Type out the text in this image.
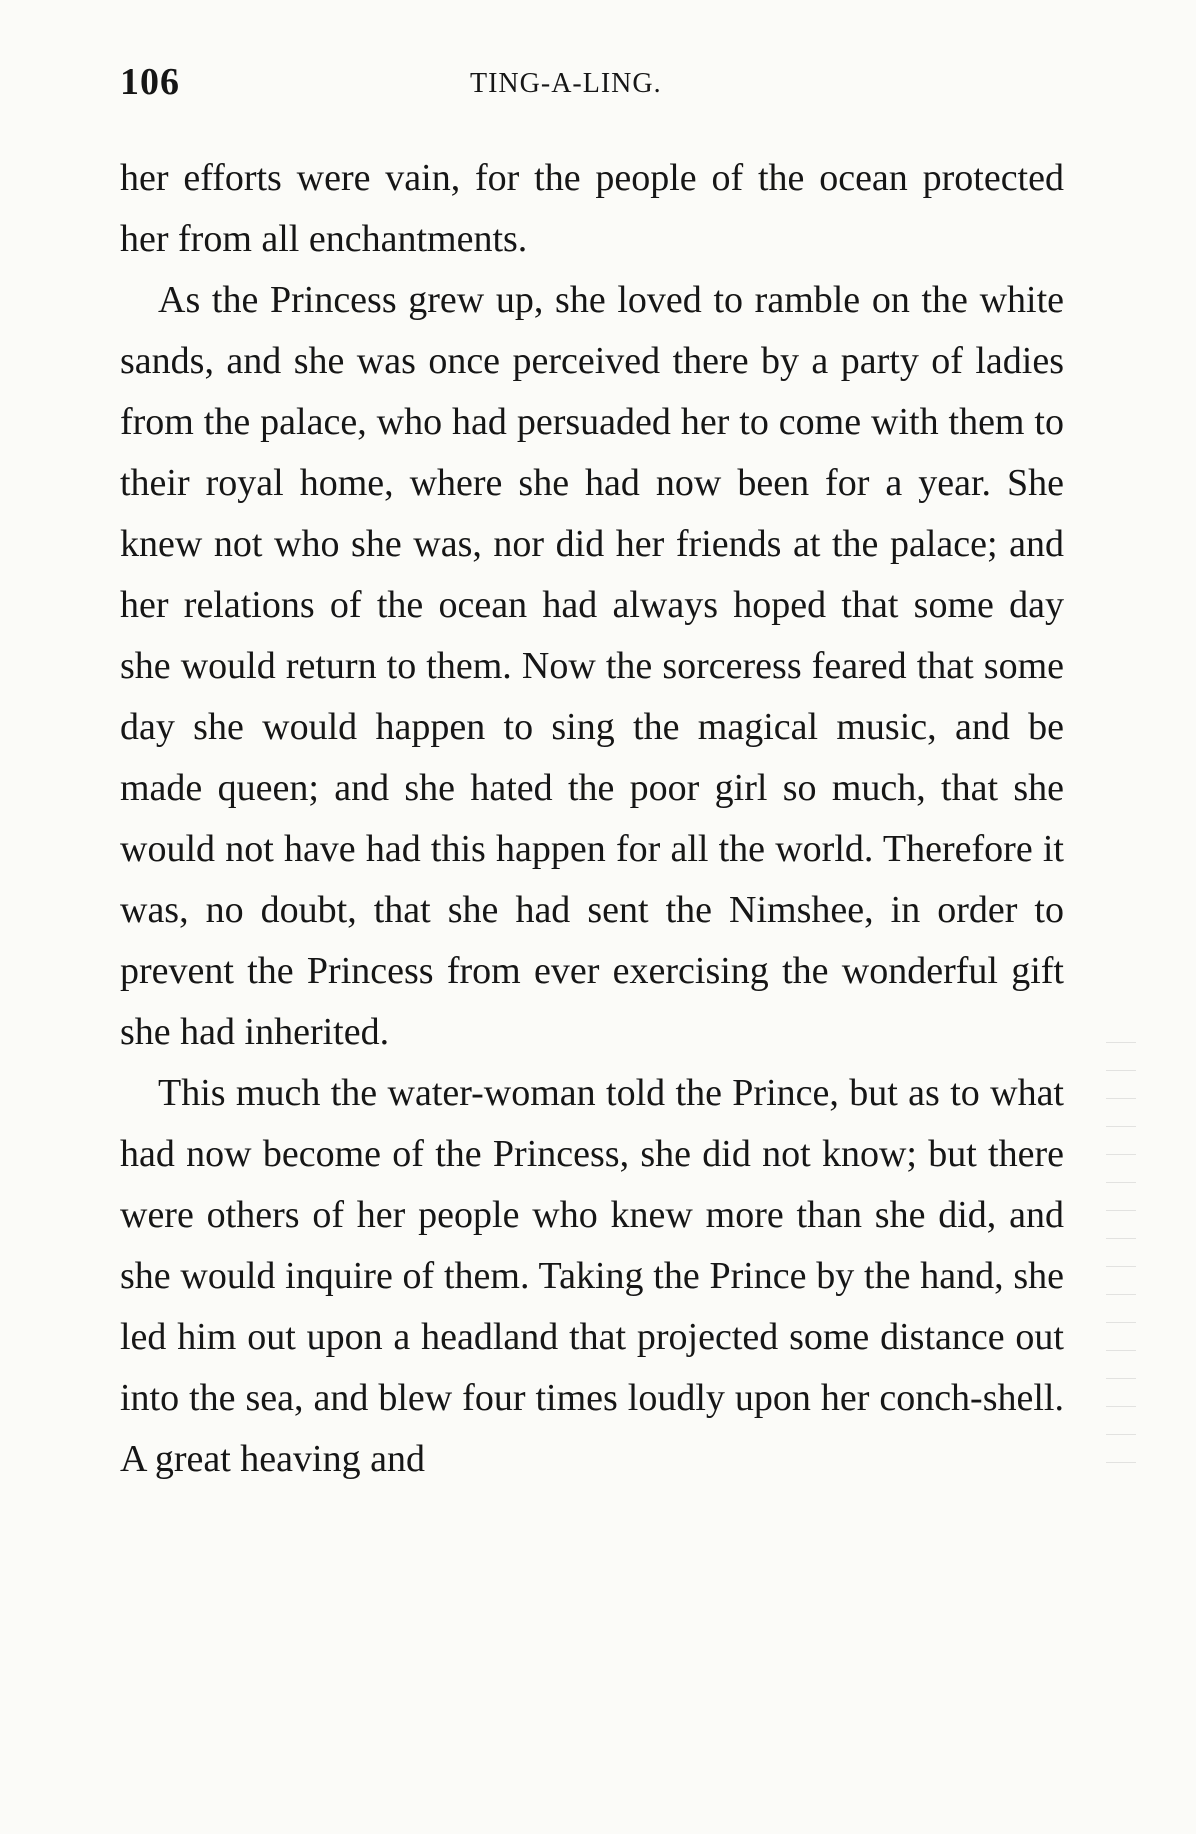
106	TING-A-LING.

her efforts were vain, for the people of the ocean protected her from all enchantments.

As the Princess grew up, she loved to ramble on the white sands, and she was once perceived there by a party of ladies from the palace, who had persuaded her to come with them to their royal home, where she had now been for a year. She knew not who she was, nor did her friends at the palace; and her relations of the ocean had always hoped that some day she would return to them. Now the sorceress feared that some day she would happen to sing the magical music, and be made queen; and she hated the poor girl so much, that she would not have had this happen for all the world. Therefore it was, no doubt, that she had sent the Nimshee, in order to prevent the Princess from ever exercising the wonderful gift she had inherited.

This much the water-woman told the Prince, but as to what had now become of the Princess, she did not know; but there were others of her people who knew more than she did, and she would inquire of them. Taking the Prince by the hand, she led him out upon a headland that projected some distance out into the sea, and blew four times loudly upon her conch-shell. A great heaving and
